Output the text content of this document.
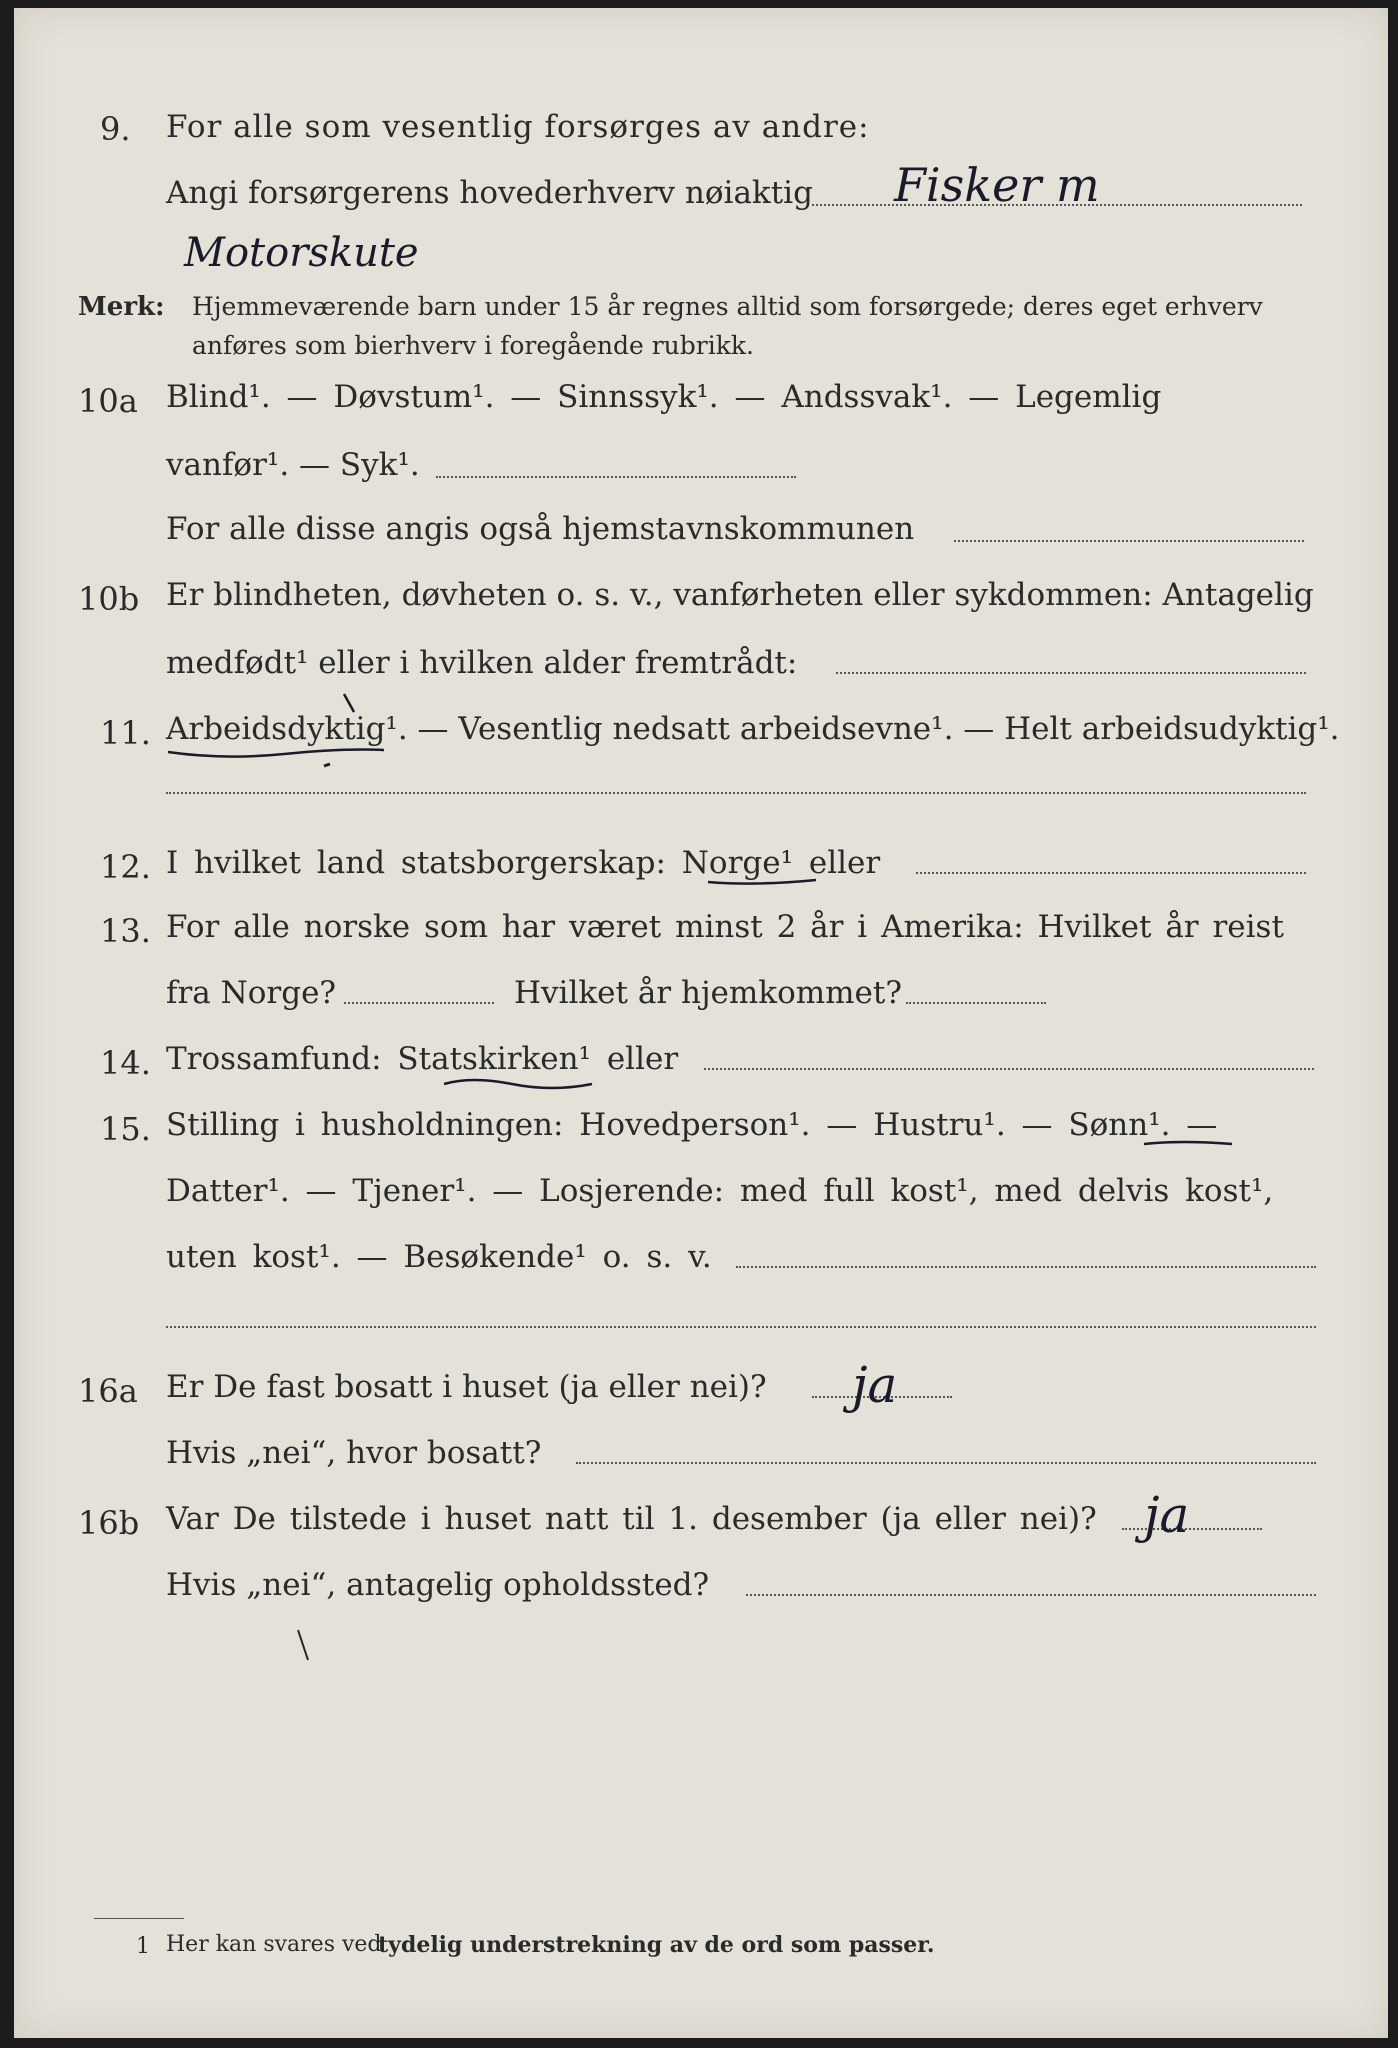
9. For alle som vesentlig forsørges av andre:
Angi forsørgerens hovederhverv nøiaktig Fisker m
Motorskute
Merk: Hjemmeværende barn under 15 år regnes alltid som forsørgede; deres eget erhverv
anføres som bierhverv i foregående rubrikk.
10a Blind¹. — Døvstum¹. — Sinnssyk¹. — Andssvak¹. — Legemlig
vanfør¹. — Syk¹.
For alle disse angis også hjemstavnskommunen
10b Er blindheten, døvheten o. s. v., vanførheten eller sykdommen: Antagelig
medfødt¹ eller i hvilken alder fremtrådt:
11. Arbeidsdyktig¹. — Vesentlig nedsatt arbeidsevne¹. — Helt arbeidsudyktig¹.
12. I hvilket land statsborgerskap: Norge¹ eller
13. For alle norske som har været minst 2 år i Amerika: Hvilket år reist
fra Norge?	Hvilket år hjemkommet?
14. Trossamfund: Statskirken¹ eller
15. Stilling i husholdningen: Hovedperson¹. — Hustru¹. — Sønn¹. —
Datter¹. — Tjener¹. — Losjerende: med full kost¹, med delvis kost¹,
uten kost¹. — Besøkende¹ o. s. v.
16a Er De fast bosatt i huset (ja eller nei)? ja
Hvis „nei“, hvor bosatt?
16b Var De tilstede i huset natt til 1. desember (ja eller nei)? ja
Hvis „nei“, antagelig opholdssted?
1 Her kan svares ved
tydelig understrekning av de ord som passer.
